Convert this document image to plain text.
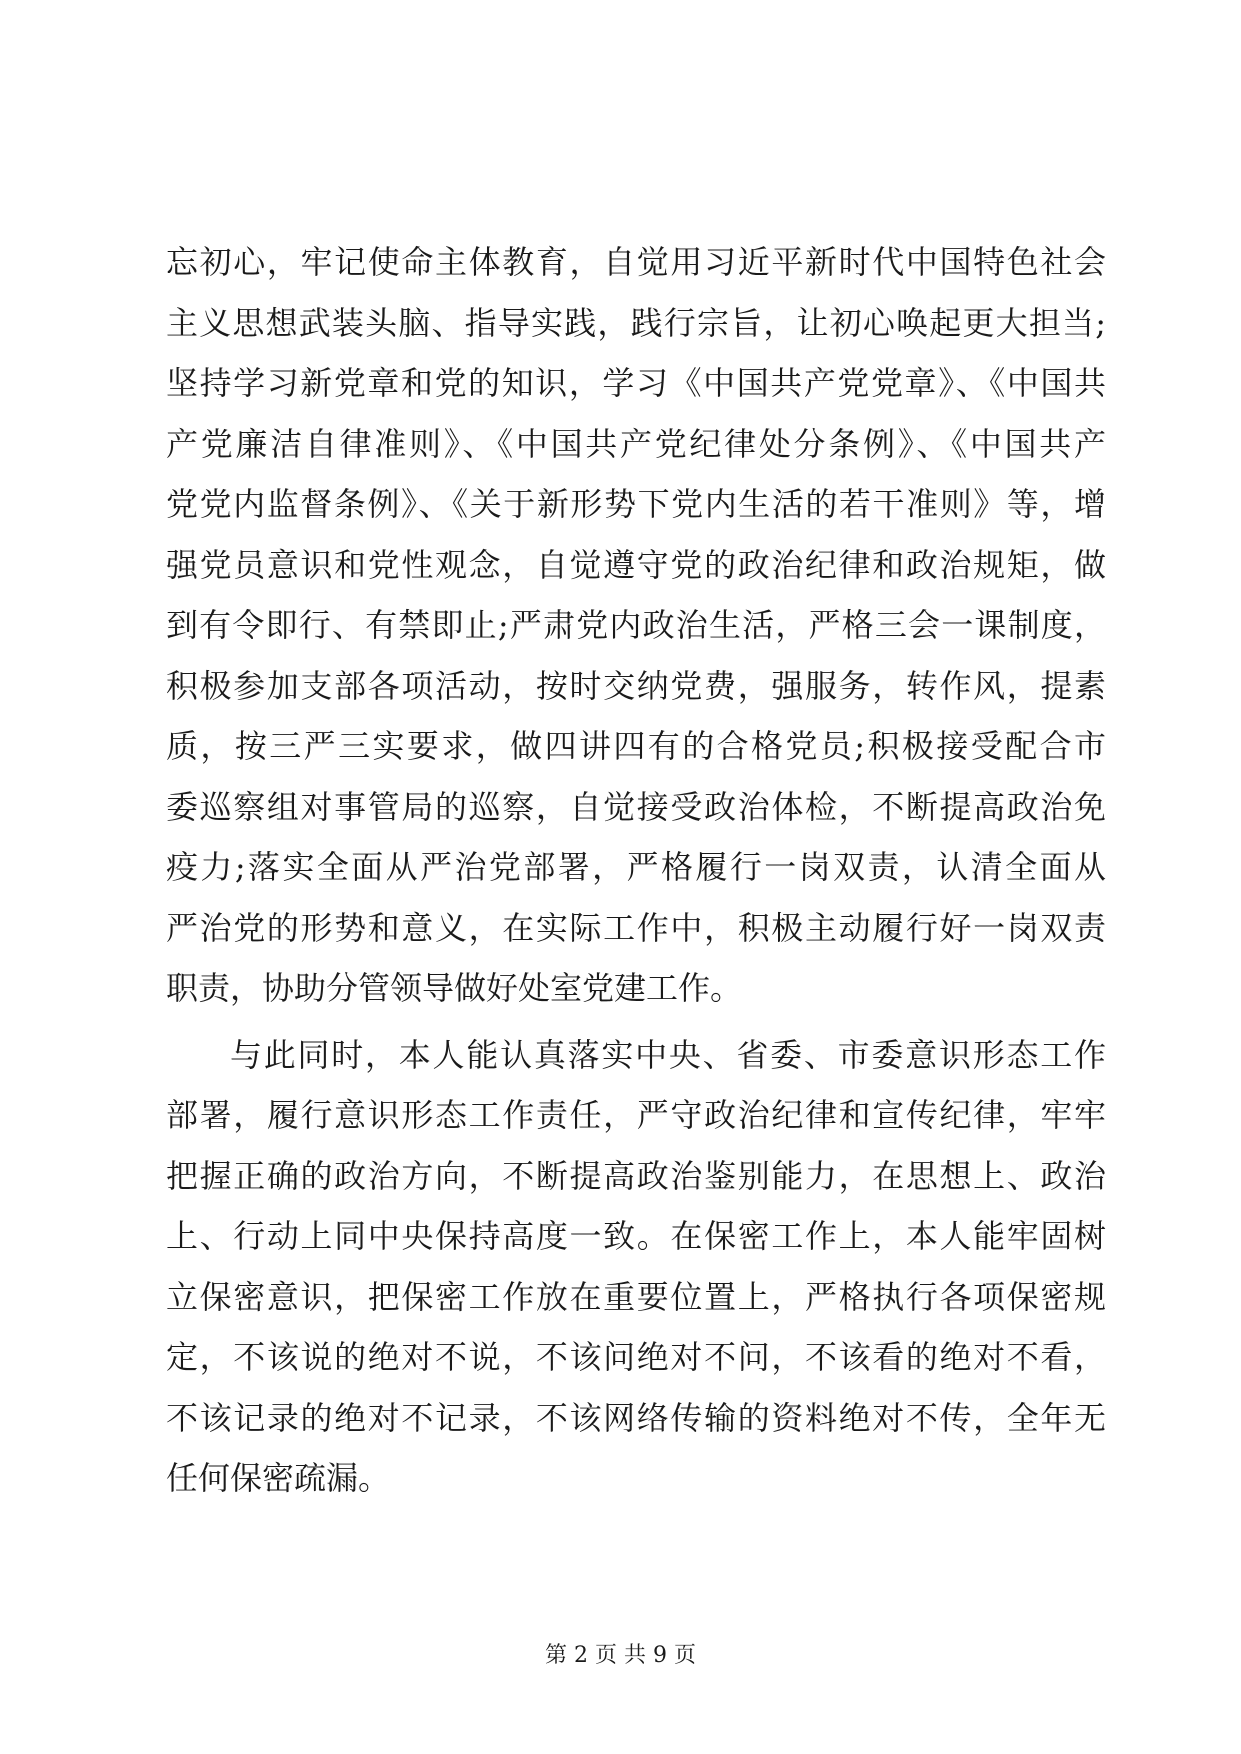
忘初心，牢记使命主体教育，自觉用习近平新时代中国特色社会
主义思想武装头脑、指导实践，践行宗旨，让初心唤起更大担当;
坚持学习新党章和党的知识，学习《中国共产党党章》、《中国共
产党廉洁自律准则》、《中国共产党纪律处分条例》、《中国共产
党党内监督条例》、《关于新形势下党内生活的若干准则》等，增
强党员意识和党性观念，自觉遵守党的政治纪律和政治规矩，做
到有令即行、有禁即止;严肃党内政治生活，严格三会一课制度，
积极参加支部各项活动，按时交纳党费，强服务，转作风，提素
质，按三严三实要求，做四讲四有的合格党员;积极接受配合市
委巡察组对事管局的巡察，自觉接受政治体检，不断提高政治免
疫力;落实全面从严治党部署，严格履行一岗双责，认清全面从
严治党的形势和意义，在实际工作中，积极主动履行好一岗双责
职责，协助分管领导做好处室党建工作。
与此同时，本人能认真落实中央、省委、市委意识形态工作
部署，履行意识形态工作责任，严守政治纪律和宣传纪律，牢牢
把握正确的政治方向，不断提高政治鉴别能力，在思想上、政治
上、行动上同中央保持高度一致。在保密工作上，本人能牢固树
立保密意识，把保密工作放在重要位置上，严格执行各项保密规
定，不该说的绝对不说，不该问绝对不问，不该看的绝对不看，
不该记录的绝对不记录，不该网络传输的资料绝对不传，全年无
任何保密疏漏。
第 2 页 共 9 页
